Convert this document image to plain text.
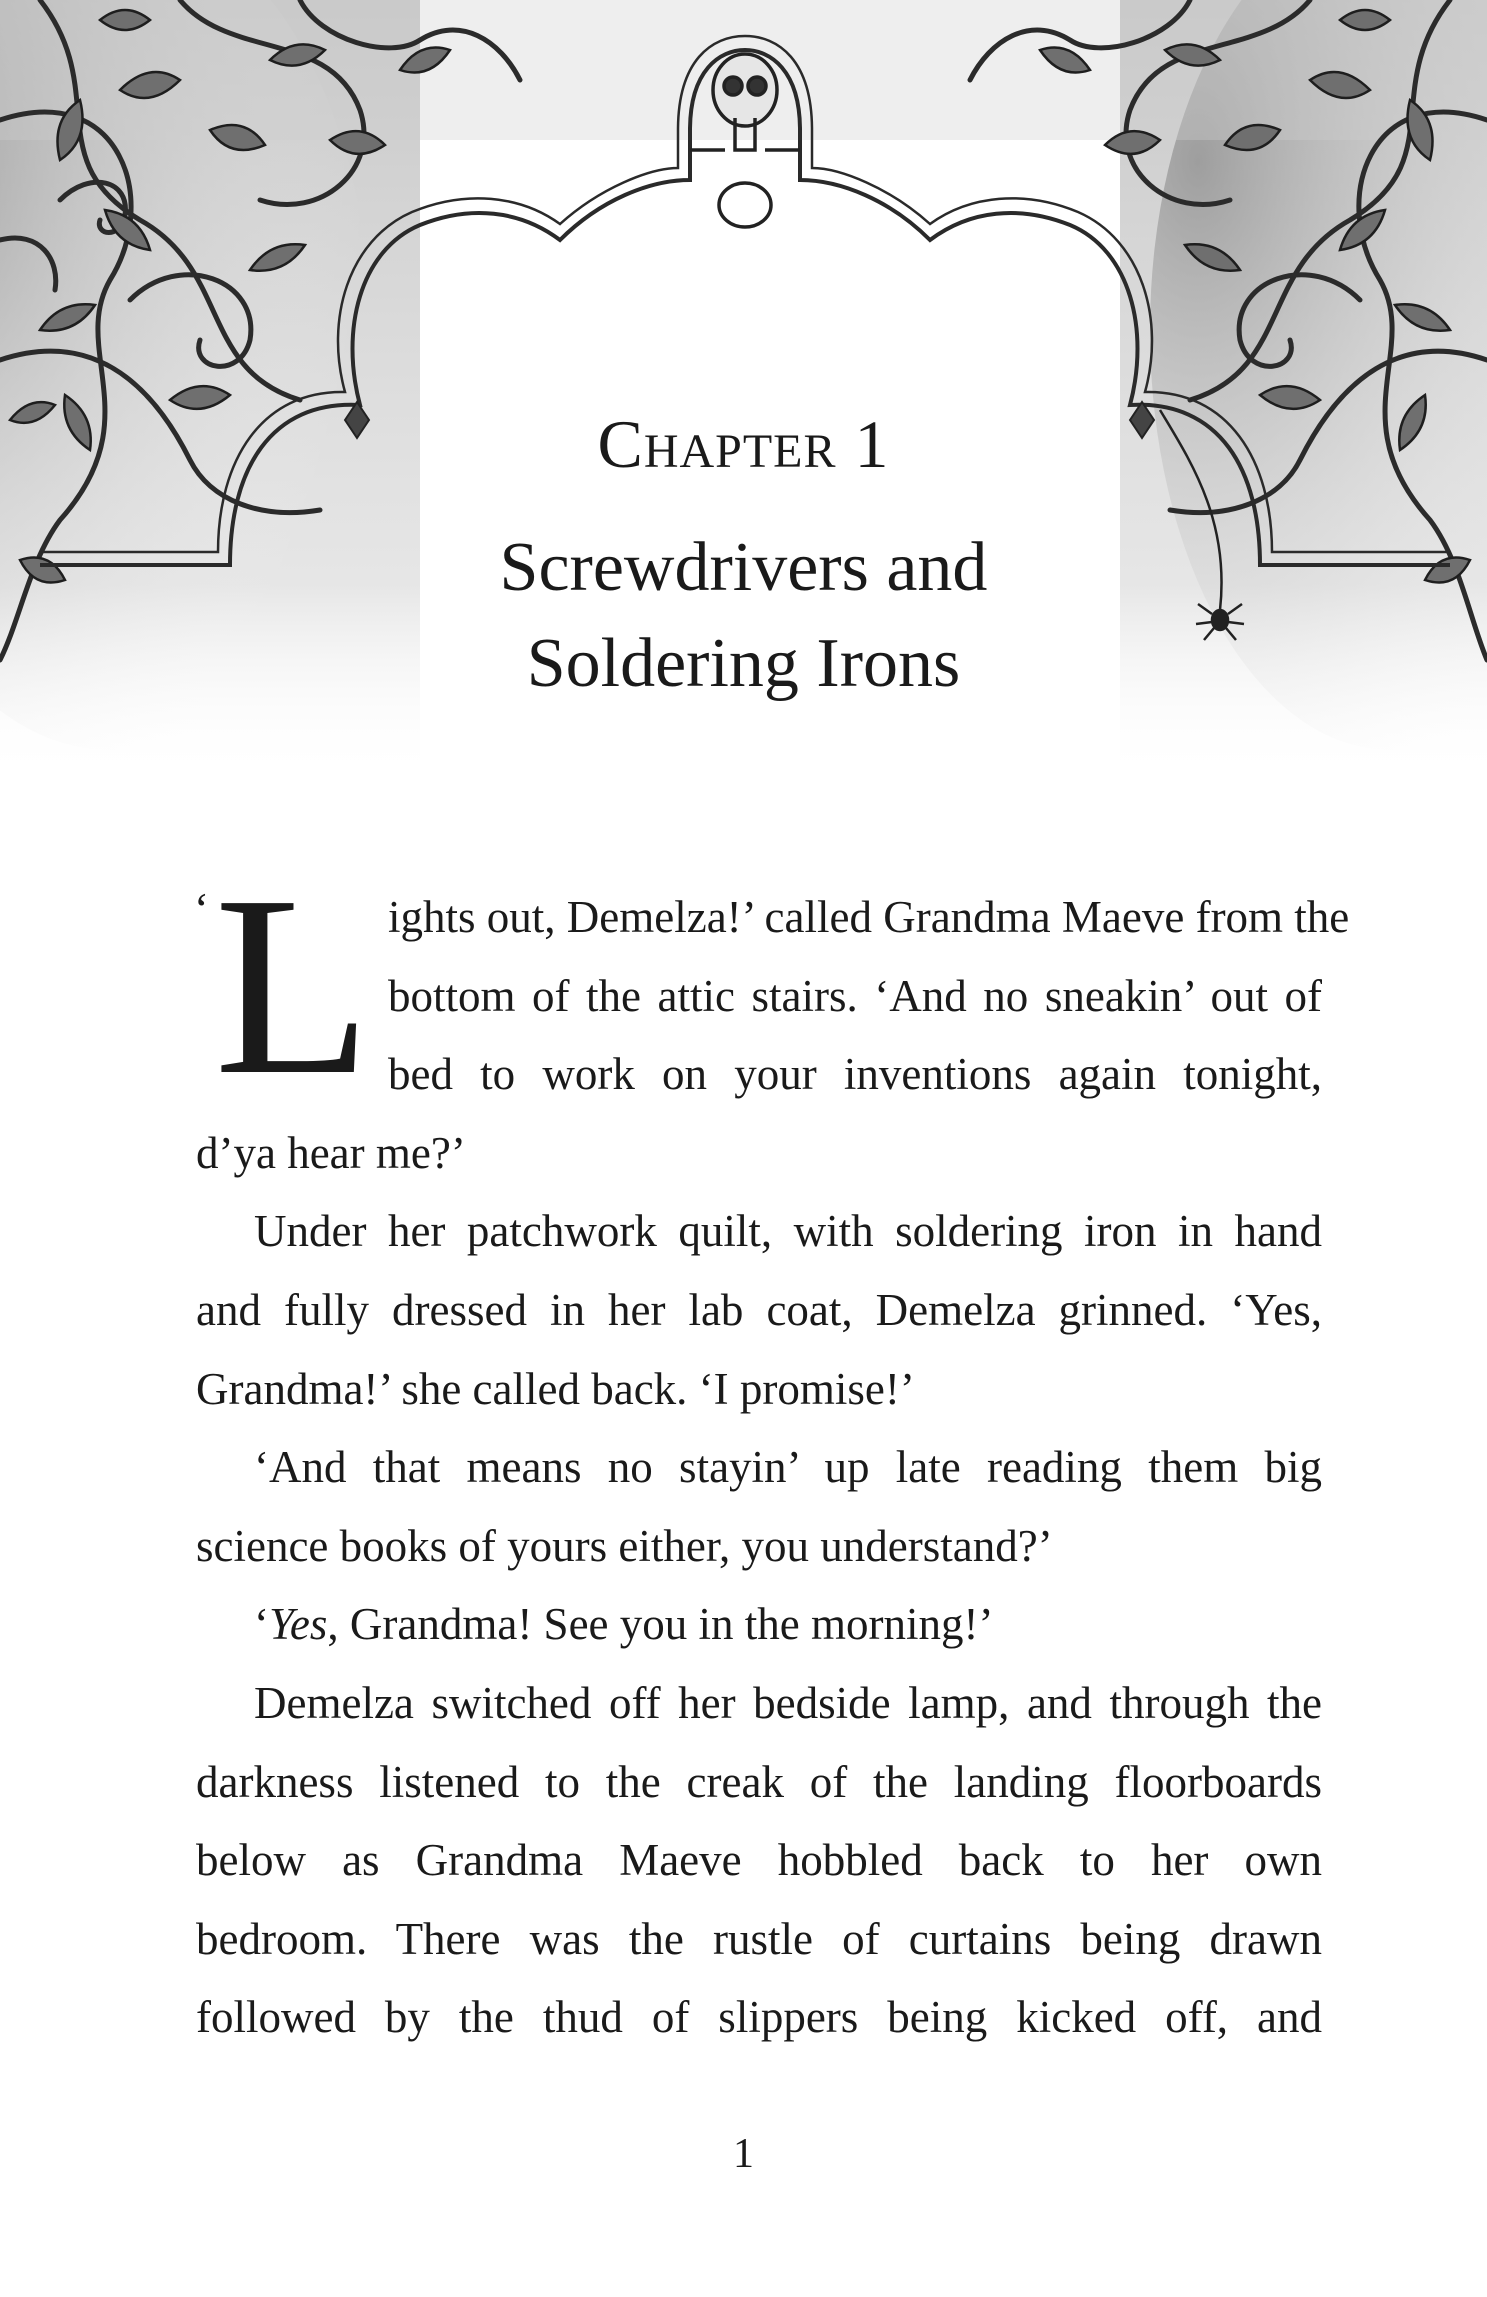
Chapter 1
Screwdrivers and
Soldering Irons
‘ L ights out, Demelza!’ called Grandma Maeve from the
bottom of the attic stairs. ‘And no sneakin’ out of
bed to work on your inventions again tonight,
d’ya hear me?’
Under her patchwork quilt, with soldering iron in hand
and fully dressed in her lab coat, Demelza grinned. ‘Yes,
Grandma!’ she called back. ‘I promise!’
‘And that means no stayin’ up late reading them big
science books of yours either, you understand?’
‘Yes, Grandma! See you in the morning!’
Demelza switched off her bedside lamp, and through the
darkness listened to the creak of the landing floorboards
below as Grandma Maeve hobbled back to her own
bedroom. There was the rustle of curtains being drawn
followed by the thud of slippers being kicked off, and
1
